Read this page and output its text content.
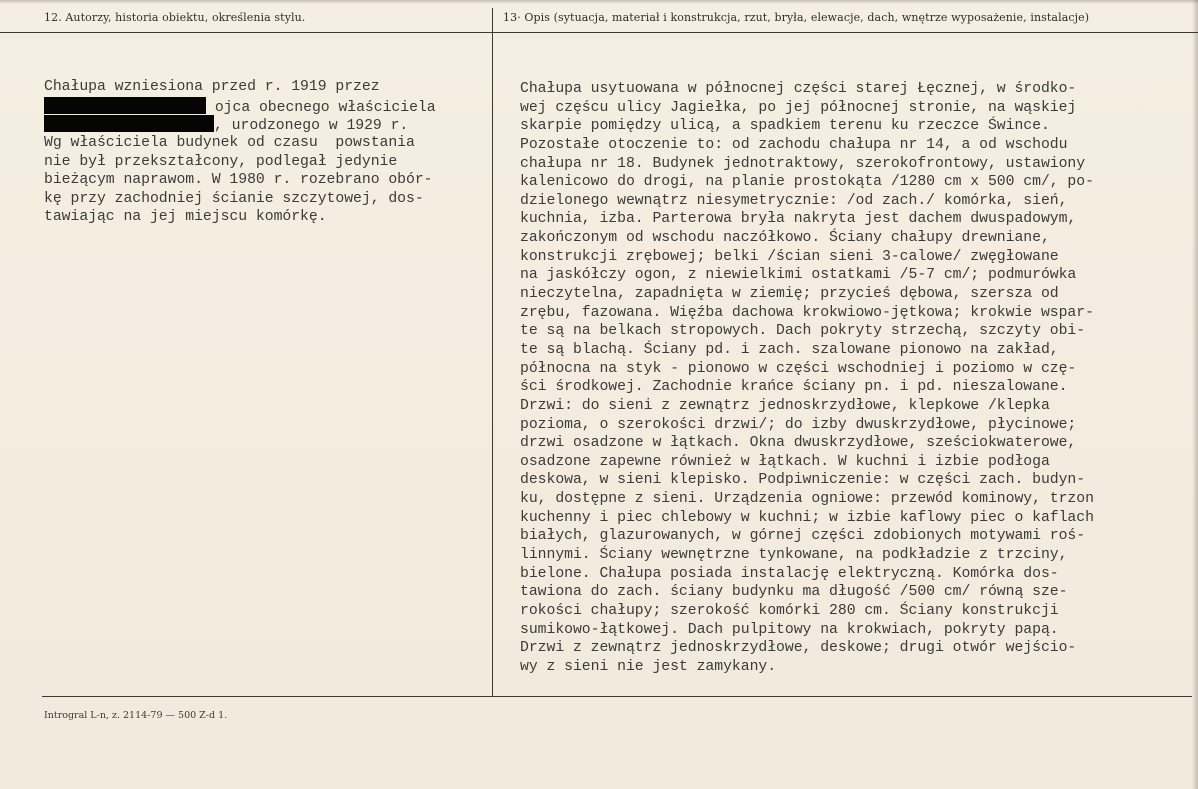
12. Autorzy, historia obiektu, określenia stylu.	13· Opis (sytuacja, materiał i konstrukcja, rzut, bryła, elewacje, dach, wnętrze wyposażenie, instalacje)
Chałupa wzniesiona przed r. 1919 przez
ojca obecnego właściciela
, urodzonego w 1929 r.
Wg właściciela budynek od czasu  powstania
nie był przekształcony, podlegał jedynie
bieżącym naprawom. W 1980 r. rozebrano obór-
kę przy zachodniej ścianie szczytowej, dos-
tawiając na jej miejscu komórkę.
Chałupa usytuowana w północnej części starej Łęcznej, w środko-
wej częścu ulicy Jagiełka, po jej północnej stronie, na wąskiej
skarpie pomiędzy ulicą, a spadkiem terenu ku rzeczce Śwince.
Pozostałe otoczenie to: od zachodu chałupa nr 14, a od wschodu
chałupa nr 18. Budynek jednotraktowy, szerokofrontowy, ustawiony
kalenicowo do drogi, na planie prostokąta /1280 cm x 500 cm/, po-
dzielonego wewnątrz niesymetrycznie: /od zach./ komórka, sień,
kuchnia, izba. Parterowa bryła nakryta jest dachem dwuspadowym,
zakończonym od wschodu naczółkowo. Ściany chałupy drewniane,
konstrukcji zrębowej; belki /ścian sieni 3-calowe/ zwęgłowane
na jaskółczy ogon, z niewielkimi ostatkami /5-7 cm/; podmurówka
nieczytelna, zapadnięta w ziemię; przyciеś dębowa, szersza od
zrębu, fazowana. Więźba dachowa krokwiowo-jętkowa; krokwie wspar-
te są na belkach stropowych. Dach pokryty strzechą, szczyty obi-
te są blachą. Ściany pd. i zach. szalowane pionowo na zakład,
północna na styk - pionowo w części wschodniej i poziomo w czę-
ści środkowej. Zachodnie krańce ściany pn. i pd. nieszalowane.
Drzwi: do sieni z zewnątrz jednoskrzydłowe, klepkowe /klepka
pozioma, o szerokości drzwi/; do izby dwuskrzydłowe, płycinowe;
drzwi osadzone w łątkach. Okna dwuskrzydłowe, sześciokwaterowe,
osadzone zapewne również w łątkach. W kuchni i izbie podłoga
deskowa, w sieni klepisko. Podpiwniczenie: w części zach. budyn-
ku, dostępne z sieni. Urządzenia ogniowe: przewód kominowy, trzon
kuchenny i piec chlebowy w kuchni; w izbie kaflowy piec o kaflach
białych, glazurowanych, w górnej części zdobionych motywami roś-
linnymi. Ściany wewnętrzne tynkowane, na podkładzie z trzciny,
bielone. Chałupa posiada instalację elektryczną. Komórka dos-
tawiona do zach. ściany budynku ma długość /500 cm/ równą sze-
rokości chałupy; szerokość komórki 280 cm. Ściany konstrukcji
sumikowo-łątkowej. Dach pulpitowy na krokwiach, pokryty papą.
Drzwi z zewnątrz jednoskrzydłowe, deskowe; drugi otwór wejścio-
wy z sieni nie jest zamykany.
Introgral L-n, z. 2114-79 — 500 Z-d 1.
